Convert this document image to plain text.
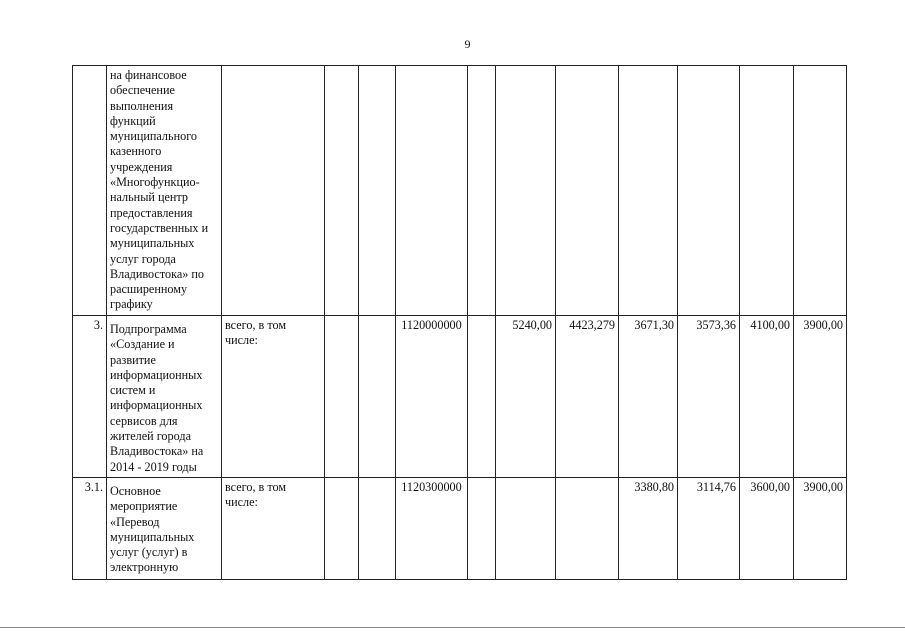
9
	на финансовое обеспечение выполнения функций муниципального казенного учреждения «Многофункцио-нальный центр предоставления государственных и муниципальных услуг города Владивостока» по расширенному графику											
3.	Подпрограмма «Создание и развитие информационных систем и информационных сервисов для жителей города Владивостока» на 2014 - 2019 годы	всего, в том числе:			1120000000		5240,00	4423,279	3671,30	3573,36	4100,00	3900,00
3.1.	Основное мероприятие «Перевод муниципальных услуг (услуг) в электронную	всего, в том числе:			1120300000				3380,80	3114,76	3600,00	3900,00
